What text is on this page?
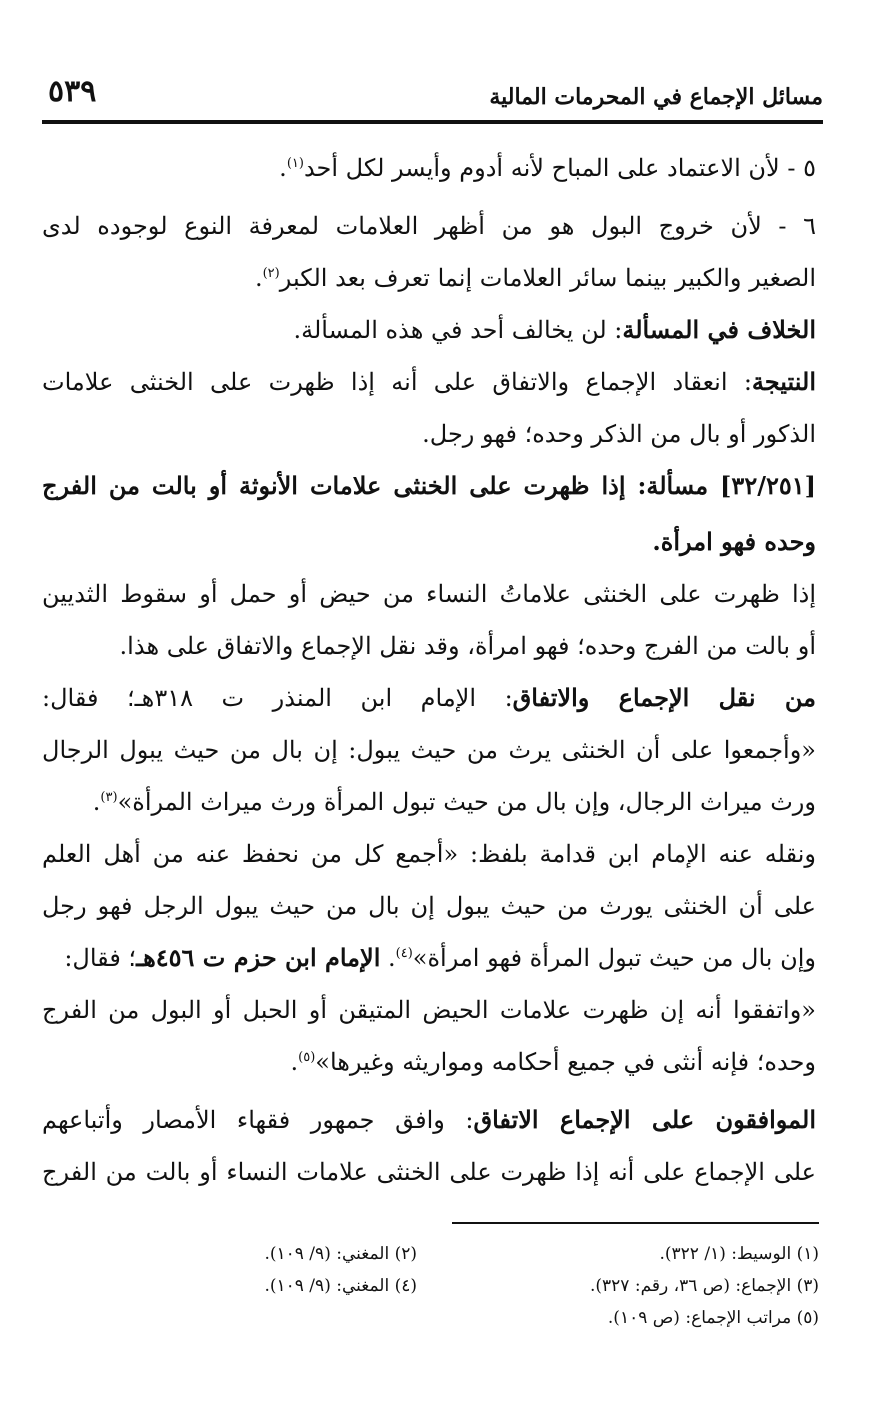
مسائل الإجماع في المحرمات المالية
٥٣٩
٥ - لأن الاعتماد على المباح لأنه أدوم وأيسر لكل أحد$^{(١)}$.
٦ - لأن خروج البول هو من أظهر العلامات لمعرفة النوع لوجوده لدى
الصغير والكبير بينما سائر العلامات إنما تعرف بعد الكبر$^{(٢)}$.
الخلاف في المسألة: لن يخالف أحد في هذه المسألة.
النتيجة: انعقاد الإجماع والاتفاق على أنه إذا ظهرت على الخنثى علامات
الذكور أو بال من الذكر وحده؛ فهو رجل.
[٣٢/٢٥١] مسألة: إذا ظهرت على الخنثى علامات الأنوثة أو بالت من الفرج
وحده فهو امرأة.
إذا ظهرت على الخنثى علاماتُ النساء من حيض أو حمل أو سقوط الثديين
أو بالت من الفرج وحده؛ فهو امرأة، وقد نقل الإجماع والاتفاق على هذا.
من نقل الإجماع والاتفاق: الإمام ابن المنذر ت ٣١٨هـ؛ فقال:
«وأجمعوا على أن الخنثى يرث من حيث يبول: إن بال من حيث يبول الرجال
ورث ميراث الرجال، وإن بال من حيث تبول المرأة ورث ميراث المرأة»$^{(٣)}$.
ونقله عنه الإمام ابن قدامة بلفظ: «أجمع كل من نحفظ عنه من أهل العلم
على أن الخنثى يورث من حيث يبول إن بال من حيث يبول الرجل فهو رجل
وإن بال من حيث تبول المرأة فهو امرأة»$^{(٤)}$. الإمام ابن حزم ت ٤٥٦هـ؛ فقال:
«واتفقوا أنه إن ظهرت علامات الحيض المتيقن أو الحبل أو البول من الفرج
وحده؛ فإنه أنثى في جميع أحكامه ومواريثه وغيرها»$^{(٥)}$.
الموافقون على الإجماع الاتفاق: وافق جمهور فقهاء الأمصار وأتباعهم
على الإجماع على أنه إذا ظهرت على الخنثى علامات النساء أو بالت من الفرج
(١) الوسيط: (١/ ٣٢٢).
(٢) المغني: (٩/ ١٠٩).
(٣) الإجماع: (ص ٣٦، رقم: ٣٢٧).
(٤) المغني: (٩/ ١٠٩).
(٥) مراتب الإجماع: (ص ١٠٩).
